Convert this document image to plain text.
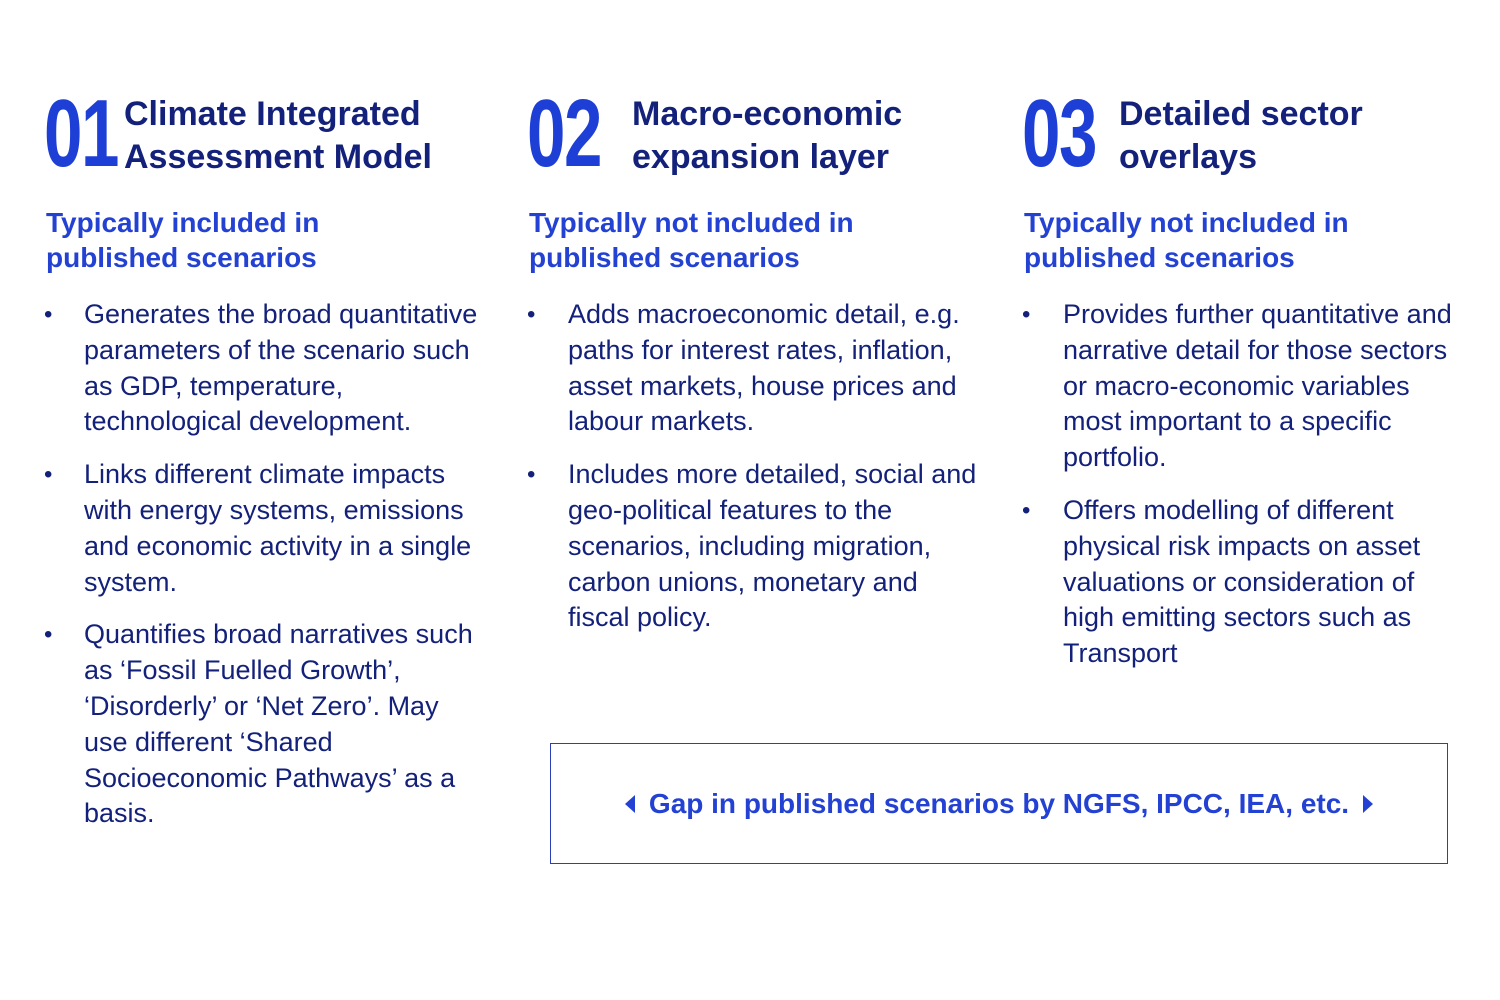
01 Climate Integrated
Assessment Model
Typically included in
published scenarios
•	Generates the broad quantitative parameters of the scenario such as GDP, temperature, technological development.
•	Links different climate impacts with energy systems, emissions and economic activity in a single system.
•	Quantifies broad narratives such as ‘Fossil Fuelled Growth’, ‘Disorderly’ or ‘Net Zero’. May use different ‘Shared Socioeconomic Pathways’ as a basis.
02 Macro-economic
expansion layer
Typically not included in
published scenarios
•	Adds macroeconomic detail, e.g. paths for interest rates, inflation, asset markets, house prices and labour markets.
•	Includes more detailed, social and geo-political features to the scenarios, including migration, carbon unions, monetary and fiscal policy.
03 Detailed sector
overlays
Typically not included in
published scenarios
•	Provides further quantitative and narrative detail for those sectors or macro-economic variables most important to a specific portfolio.
•	Offers modelling of different physical risk impacts on asset valuations or consideration of high emitting sectors such as Transport
Gap in published scenarios by NGFS, IPCC, IEA, etc.
